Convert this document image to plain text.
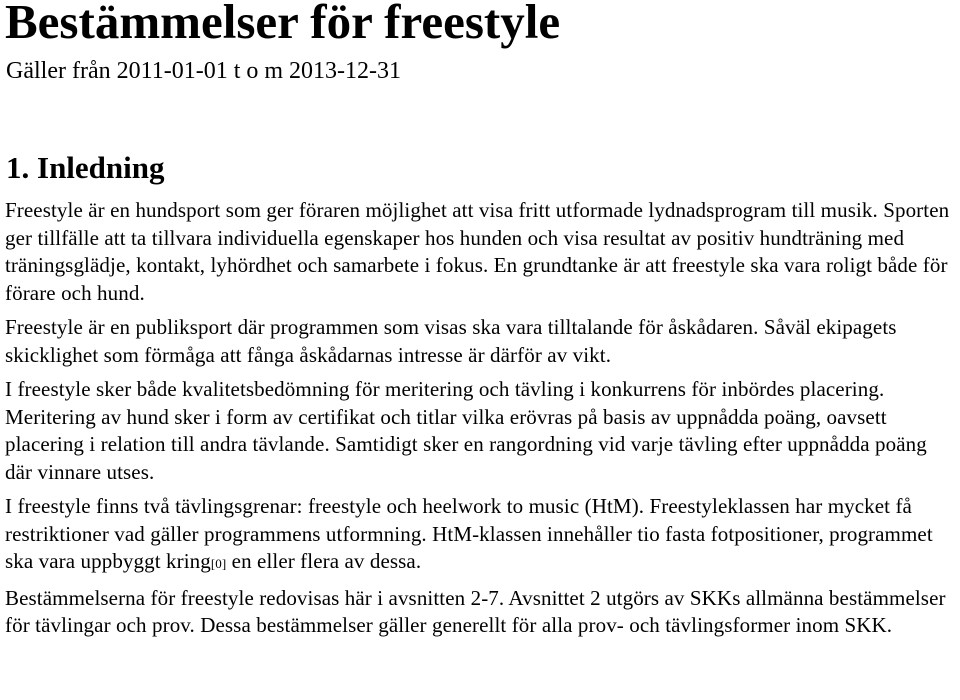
Bestämmelser för freestyle
Gäller från 2011-01-01 t o m 2013-12-31
1. Inledning

Freestyle är en hundsport som ger föraren möjlighet att visa fritt utformade lydnadsprogram till musik. Sporten ger tillfälle att ta tillvara individuella egenskaper hos hunden och visa resultat av positiv hundträning med träningsglädje, kontakt, lyhördhet och samarbete i fokus. En grundtanke är att freestyle ska vara roligt både för förare och hund.

Freestyle är en publiksport där programmen som visas ska vara tilltalande för åskådaren. Såväl ekipagets skicklighet som förmåga att fånga åskådarnas intresse är därför av vikt.

I freestyle sker både kvalitetsbedömning för meritering och tävling i konkurrens för inbördes placering. Meritering av hund sker i form av certifikat och titlar vilka erövras på basis av uppnådda poäng, oavsett placering i relation till andra tävlande. Samtidigt sker en rangordning vid varje tävling efter uppnådda poäng där vinnare utses.

I freestyle finns två tävlingsgrenar: freestyle och heelwork to music (HtM). Freestyleklassen har mycket få restriktioner vad gäller programmens utformning. HtM-klassen innehåller tio fasta fotpositioner, programmet ska vara uppbyggt kring[0] en eller flera av dessa.

Bestämmelserna för freestyle redovisas här i avsnitten 2-7. Avsnittet 2 utgörs av SKKs allmänna bestämmelser för tävlingar och prov. Dessa bestämmelser gäller generellt för alla prov- och tävlingsformer inom SKK.
